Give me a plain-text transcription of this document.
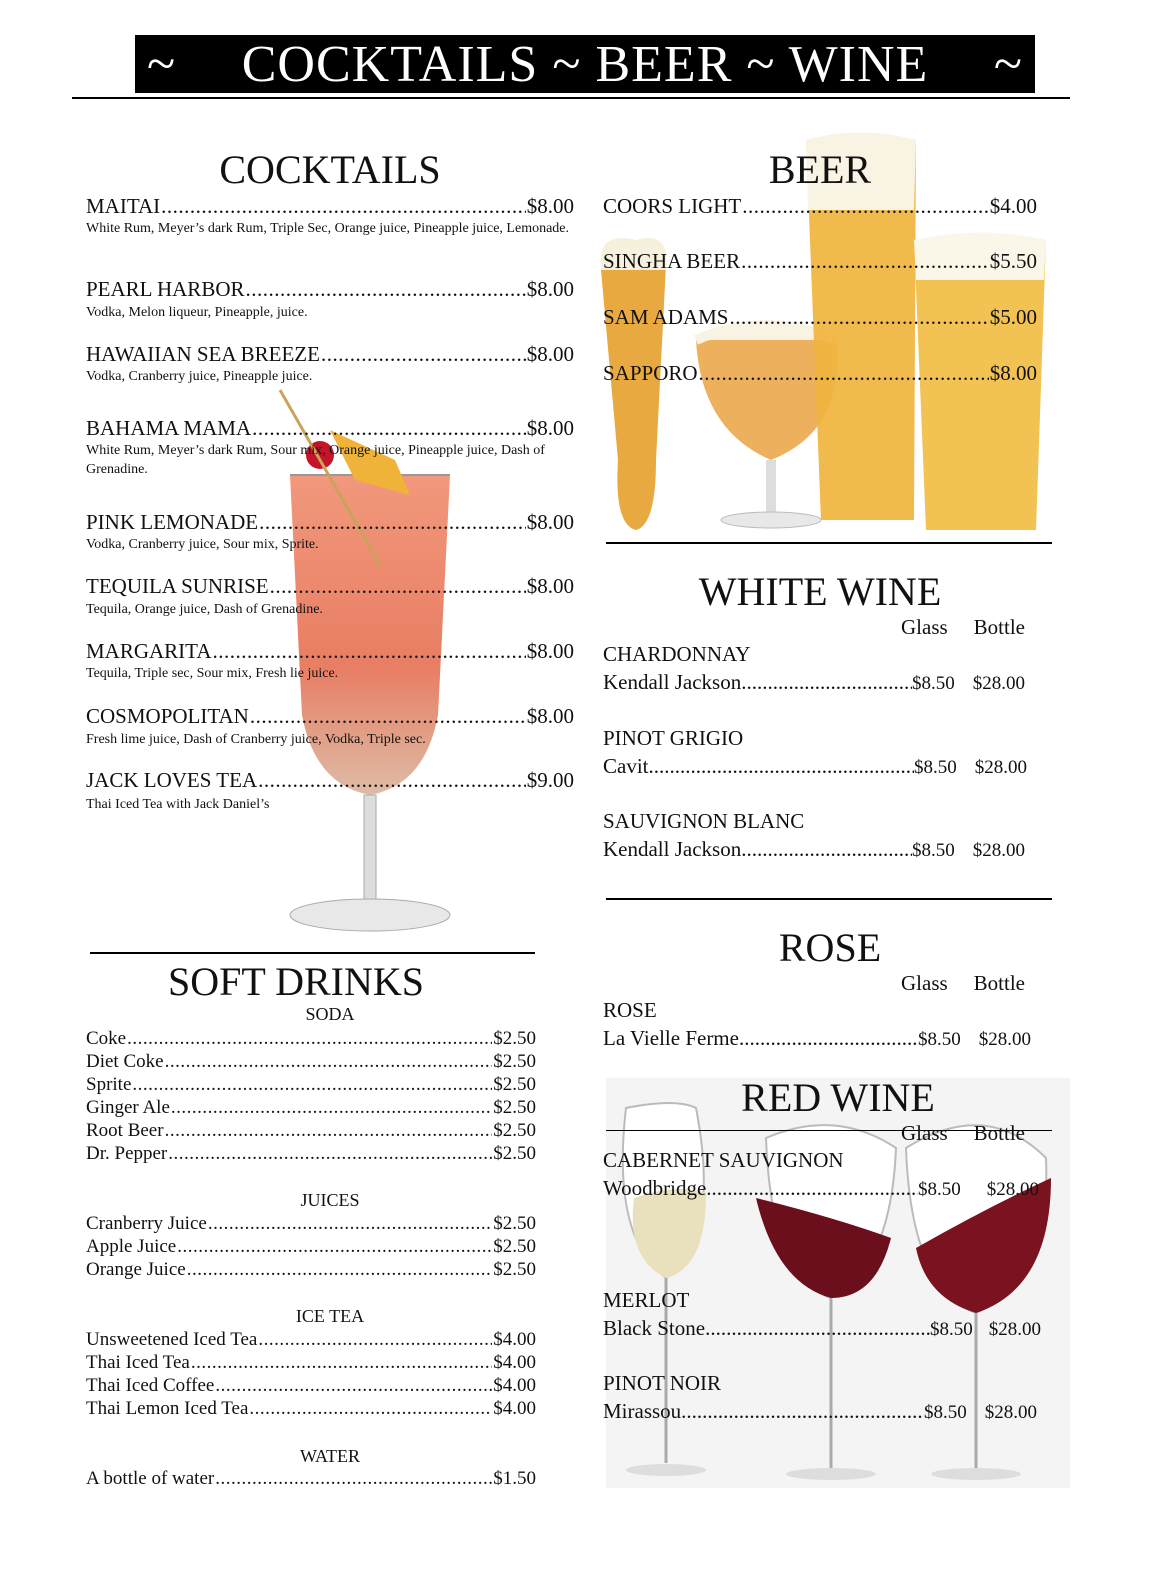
~	COCKTAILS ~ BEER ~ WINE	~
COCKTAILS
MAITAI .....	$8.00
White Rum, Meyer’s dark Rum, Triple Sec, Orange juice, Pineapple juice, Lemonade.
PEARL HARBOR .....	$8.00
Vodka, Melon liqueur, Pineapple, juice.
HAWAIIAN SEA BREEZE .....	$8.00
Vodka, Cranberry juice, Pineapple juice.
BAHAMA MAMA .....	$8.00
White Rum, Meyer’s dark Rum, Sour mix, Orange juice, Pineapple juice, Dash of Grenadine.
PINK LEMONADE .....	$8.00
Vodka, Cranberry juice, Sour mix, Sprite.
TEQUILA SUNRISE .....	$8.00
Tequila, Orange juice, Dash of Grenadine.
MARGARITA .....	$8.00
Tequila, Triple sec, Sour mix, Fresh lie juice.
COSMOPOLITAN .....	$8.00
Fresh lime juice, Dash of Cranberry juice, Vodka, Triple sec.
JACK LOVES TEA .....	$9.00
Thai Iced Tea with Jack Daniel’s
SOFT DRINKS
SODA
Coke .....	$2.50
Diet Coke .....	$2.50
Sprite .....	$2.50
Ginger Ale .....	$2.50
Root Beer .....	$2.50
Dr. Pepper .....	$2.50
JUICES
Cranberry Juice .....	$2.50
Apple Juice .....	$2.50
Orange Juice .....	$2.50
ICE TEA
Unsweetened Iced Tea .....	$4.00
Thai Iced Tea .....	$4.00
Thai Iced Coffee .....	$4.00
Thai Lemon Iced Tea .....	$4.00
WATER
A bottle of water .....	$1.50
BEER
COORS LIGHT .....	$4.00
SINGHA BEER .....	$5.50
SAM ADAMS .....	$5.00
SAPPORO .....	$8.00
WHITE WINE
Glass Bottle
CHARDONNAY
Kendall Jackson .....	$8.50 $28.00
PINOT GRIGIO
Cavit .....	$8.50 $28.00
SAUVIGNON BLANC
Kendall Jackson .....	$8.50 $28.00
ROSE
Glass Bottle
ROSE
La Vielle Ferme .....	$8.50 $28.00
RED WINE
Glass Bottle
CABERNET SAUVIGNON
Woodbridge .....	$8.50 $28.00
MERLOT
Black Stone .....	$8.50 $28.00
PINOT NOIR
Mirassou .....	$8.50 $28.00
